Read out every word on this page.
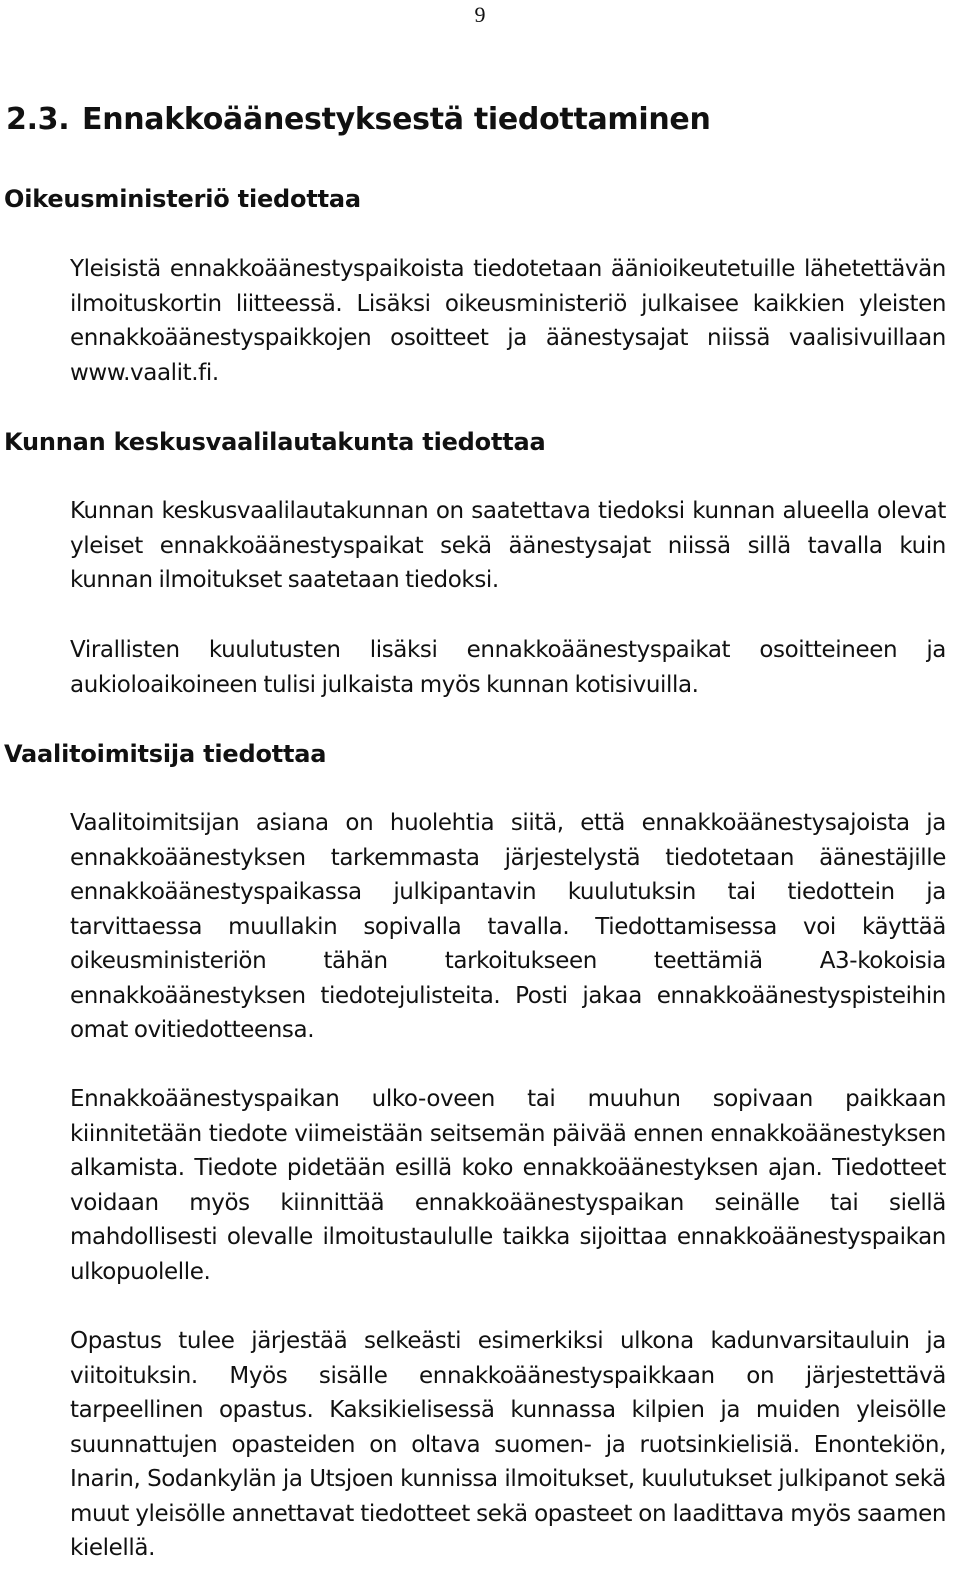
9
2.3. Ennakkoäänestyksestä tiedottaminen
Oikeusministeriö tiedottaa

Yleisistä ennakkoäänestyspaikoista tiedotetaan äänioikeutetuille lähetettävän ilmoituskortin liitteessä. Lisäksi oikeusministeriö julkaisee kaikkien yleisten ennakkoäänestyspaikkojen osoitteet ja äänestysajat niissä vaalisivuillaan www.vaalit.fi.

Kunnan keskusvaalilautakunta tiedottaa

Kunnan keskusvaalilautakunnan on saatettava tiedoksi kunnan alueella olevat yleiset ennakkoäänestyspaikat sekä äänestysajat niissä sillä tavalla kuin kunnan ilmoitukset saatetaan tiedoksi.

Virallisten kuulutusten lisäksi ennakkoäänestyspaikat osoitteineen ja aukioloaikoineen tulisi julkaista myös kunnan kotisivuilla.

Vaalitoimitsija tiedottaa

Vaalitoimitsijan asiana on huolehtia siitä, että ennakkoäänestysajoista ja ennakkoäänestyksen tarkemmasta järjestelystä tiedotetaan äänestäjille ennakkoäänestyspaikassa julkipantavin kuulutuksin tai tiedottein ja tarvittaessa muullakin sopivalla tavalla. Tiedottamisessa voi käyttää oikeusministeriön tähän tarkoitukseen teettämiä A3-kokoisia ennakkoäänestyksen tiedotejulisteita. Posti jakaa ennakkoäänestyspisteihin omat ovitiedotteensa.

Ennakkoäänestyspaikan ulko-oveen tai muuhun sopivaan paikkaan kiinnitetään tiedote viimeistään seitsemän päivää ennen ennakkoäänestyksen alkamista. Tiedote pidetään esillä koko ennakkoäänestyksen ajan. Tiedotteet voidaan myös kiinnittää ennakkoäänestyspaikan seinälle tai siellä mahdollisesti olevalle ilmoitustaululle taikka sijoittaa ennakkoäänestyspaikan ulkopuolelle.

Opastus tulee järjestää selkeästi esimerkiksi ulkona kadunvarsitauluin ja viitoituksin. Myös sisälle ennakkoäänestyspaikkaan on järjestettävä tarpeellinen opastus. Kaksikielisessä kunnassa kilpien ja muiden yleisölle suunnattujen opasteiden on oltava suomen- ja ruotsinkielisiä. Enontekiön, Inarin, Sodankylän ja Utsjoen kunnissa ilmoitukset, kuulutukset julkipanot sekä muut yleisölle annettavat tiedotteet sekä opasteet on laadittava myös saamen kielellä.
